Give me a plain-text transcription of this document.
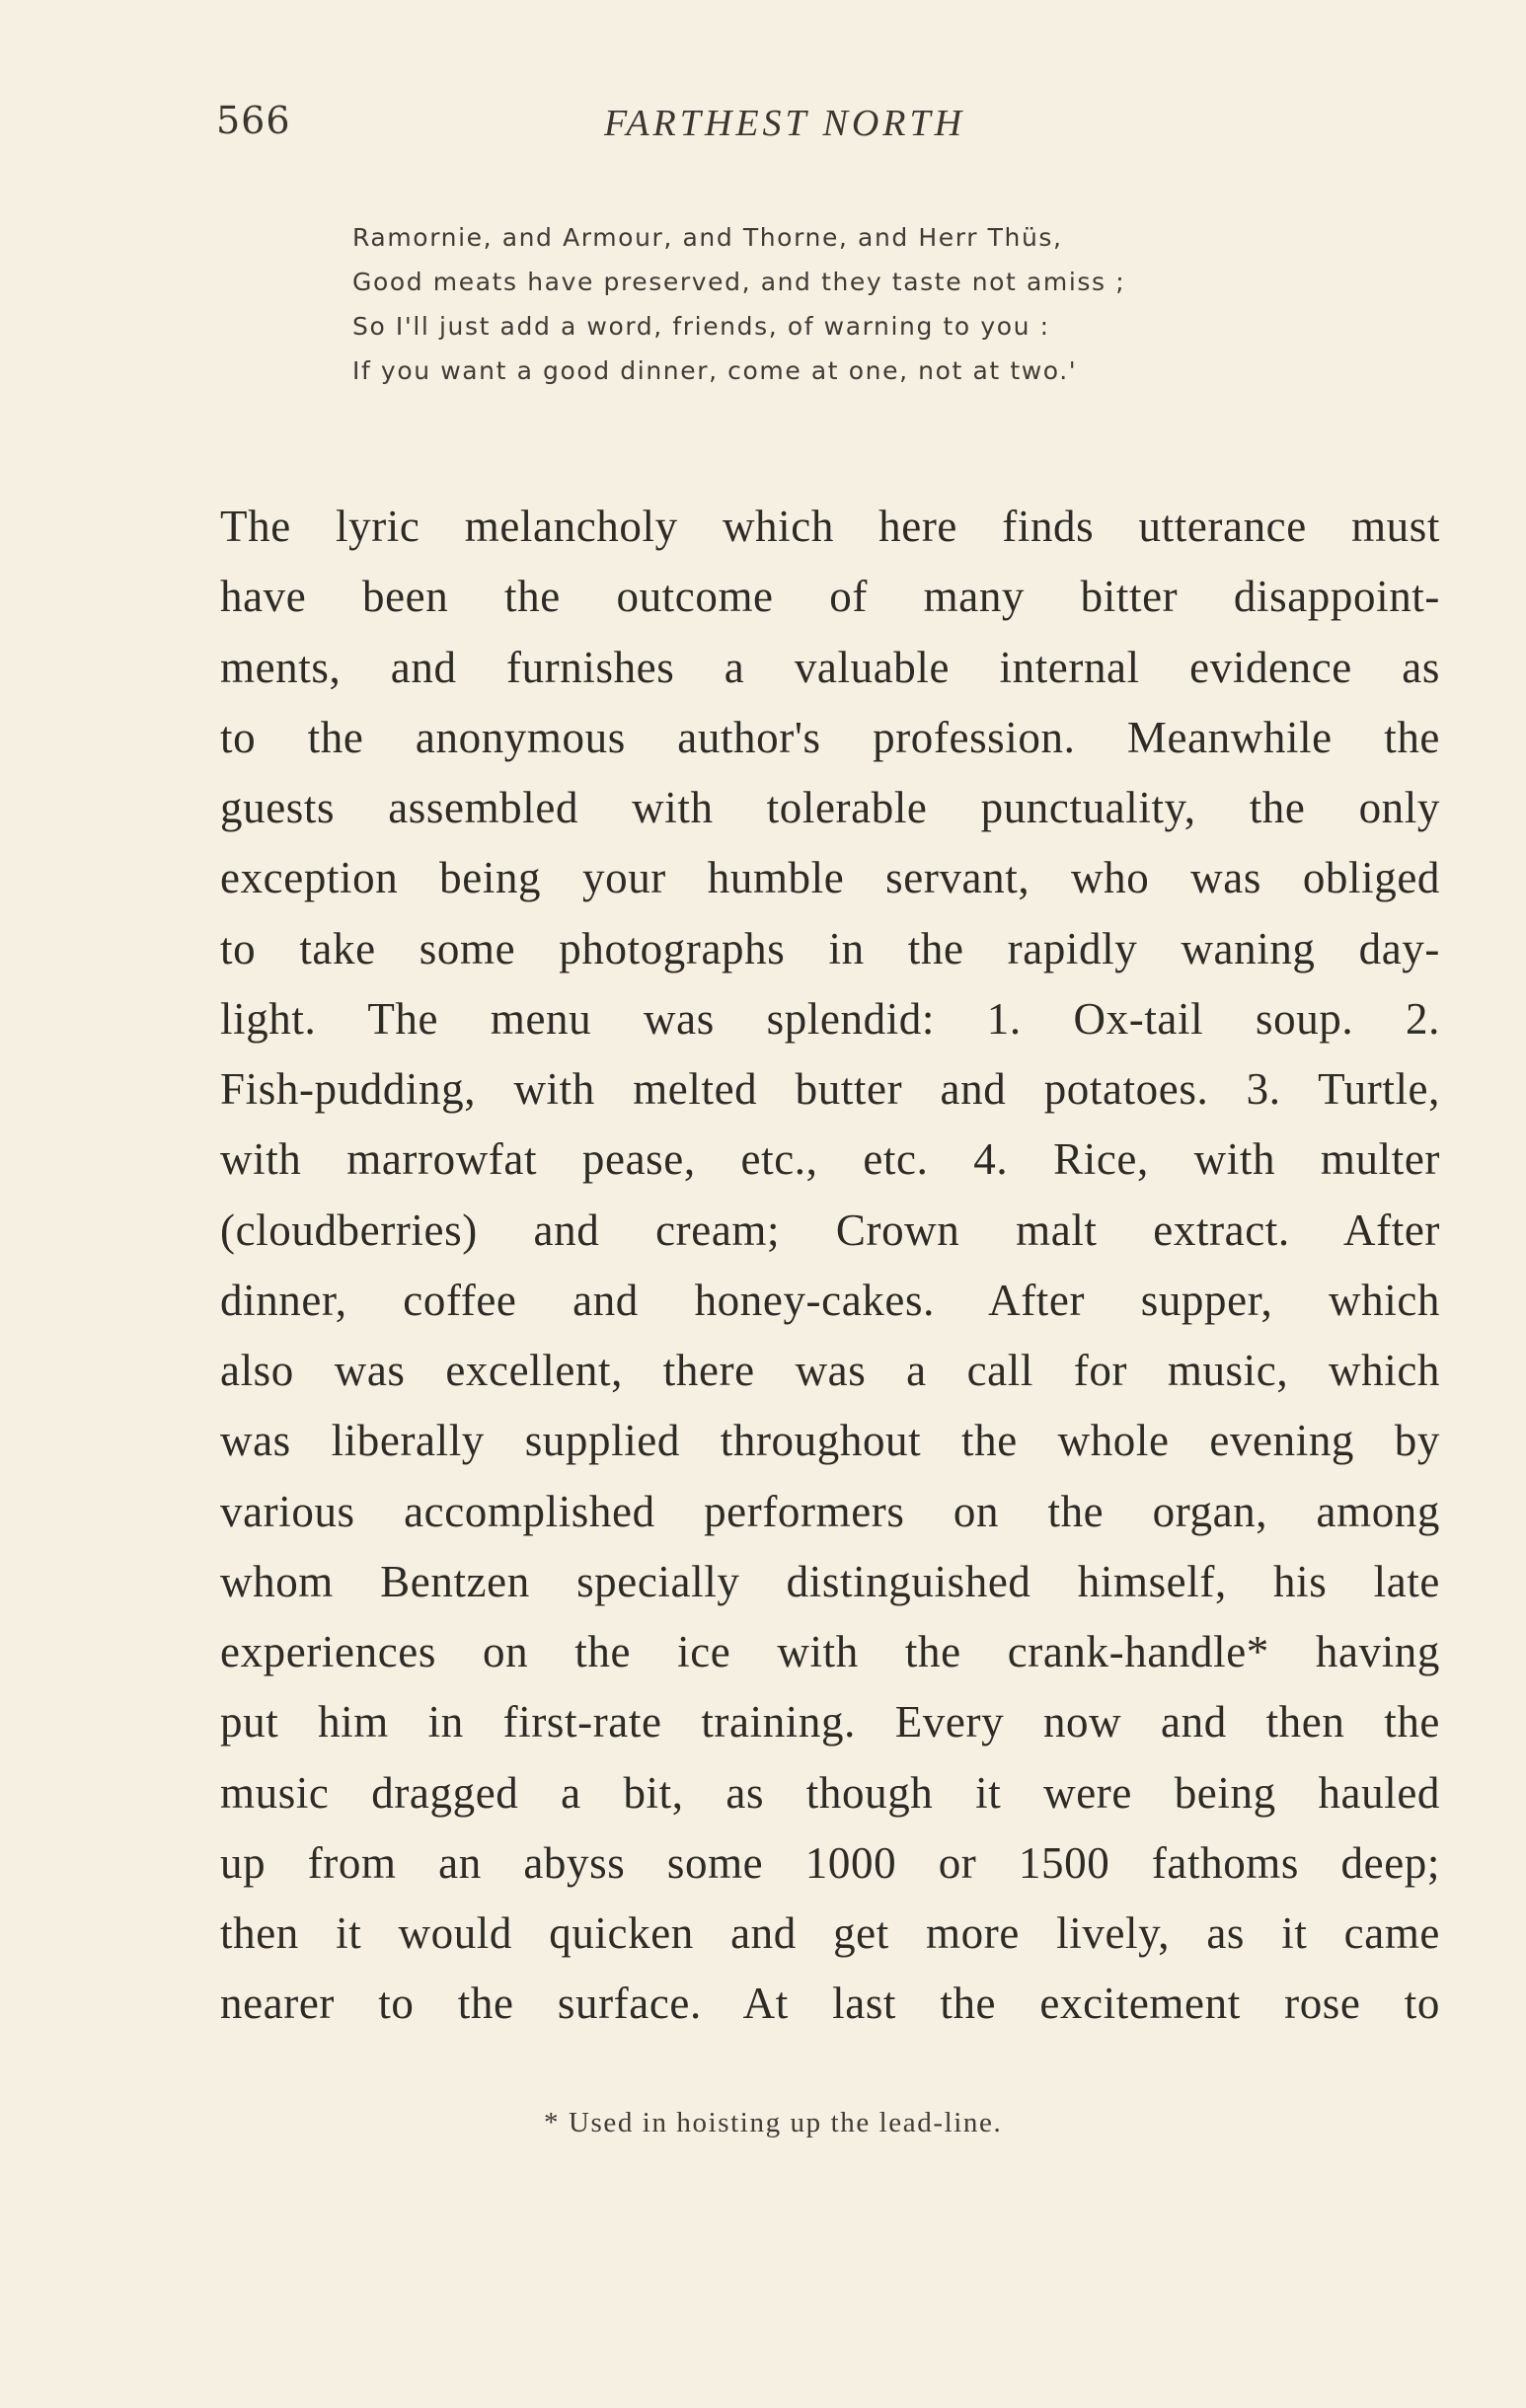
566	FARTHEST NORTH
Ramornie, and Armour, and Thorne, and Herr Thüs,
Good meats have preserved, and they taste not amiss ;
So I'll just add a word, friends, of warning to you :
If you want a good dinner, come at one, not at two.'
The lyric melancholy which here finds utterance must
have been the outcome of many bitter disappoint-
ments, and furnishes a valuable internal evidence as
to the anonymous author's profession. Meanwhile the
guests assembled with tolerable punctuality, the only
exception being your humble servant, who was obliged
to take some photographs in the rapidly waning day-
light. The menu was splendid: 1. Ox-tail soup. 2.
Fish-pudding, with melted butter and potatoes. 3. Turtle,
with marrowfat pease, etc., etc. 4. Rice, with multer
(cloudberries) and cream; Crown malt extract. After
dinner, coffee and honey-cakes. After supper, which
also was excellent, there was a call for music, which
was liberally supplied throughout the whole evening by
various accomplished performers on the organ, among
whom Bentzen specially distinguished himself, his late
experiences on the ice with the crank-handle* having
put him in first-rate training. Every now and then the
music dragged a bit, as though it were being hauled
up from an abyss some 1000 or 1500 fathoms deep;
then it would quicken and get more lively, as it came
nearer to the surface. At last the excitement rose to
* Used in hoisting up the lead-line.
